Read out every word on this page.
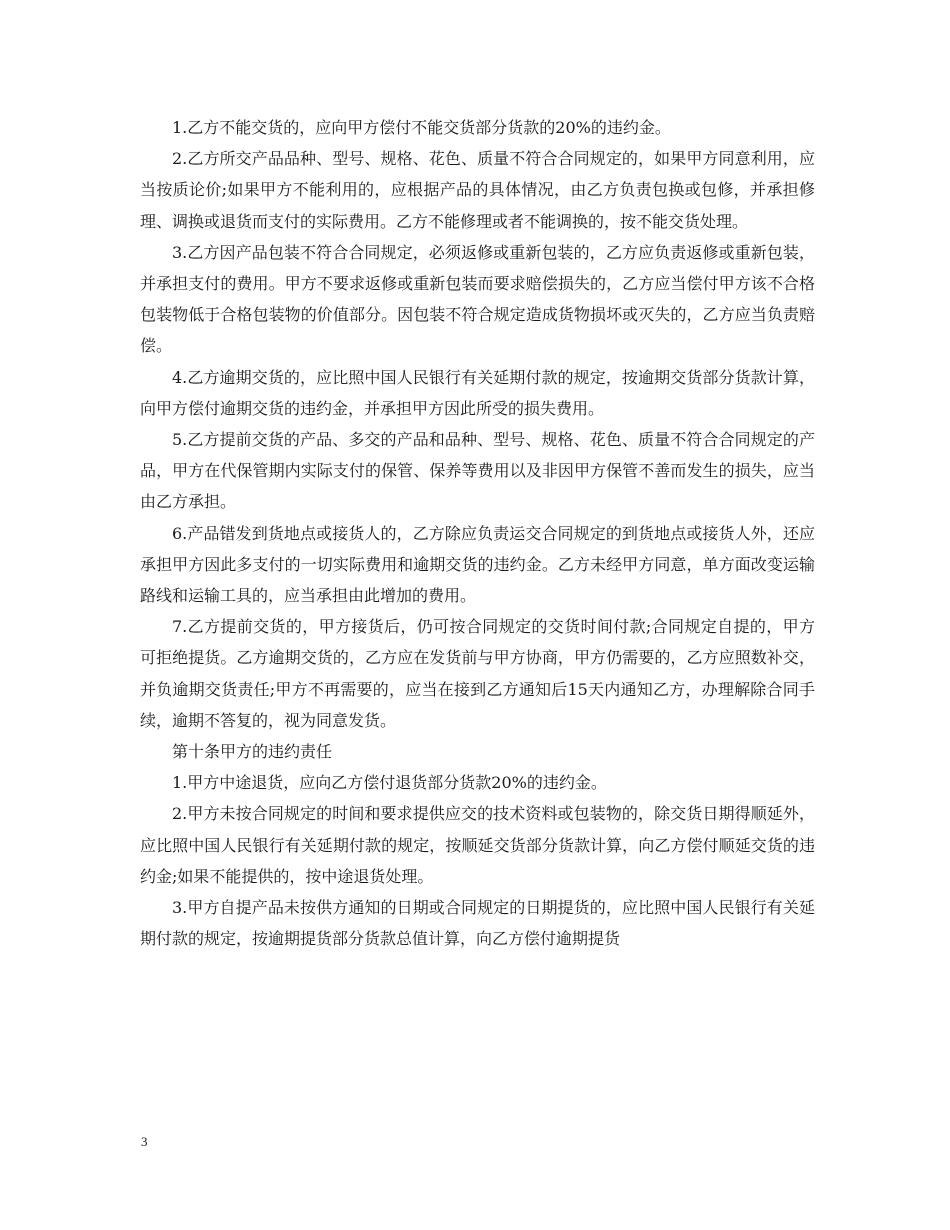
1.乙方不能交货的，应向甲方偿付不能交货部分货款的20%的违约金。

2.乙方所交产品品种、型号、规格、花色、质量不符合合同规定的，如果甲方同意利用，应当按质论价;如果甲方不能利用的，应根据产品的具体情况，由乙方负责包换或包修，并承担修理、调换或退货而支付的实际费用。乙方不能修理或者不能调换的，按不能交货处理。

3.乙方因产品包装不符合合同规定，必须返修或重新包装的，乙方应负责返修或重新包装，并承担支付的费用。甲方不要求返修或重新包装而要求赔偿损失的，乙方应当偿付甲方该不合格包装物低于合格包装物的价值部分。因包装不符合规定造成货物损坏或灭失的，乙方应当负责赔偿。

4.乙方逾期交货的，应比照中国人民银行有关延期付款的规定，按逾期交货部分货款计算，向甲方偿付逾期交货的违约金，并承担甲方因此所受的损失费用。

5.乙方提前交货的产品、多交的产品和品种、型号、规格、花色、质量不符合合同规定的产品，甲方在代保管期内实际支付的保管、保养等费用以及非因甲方保管不善而发生的损失，应当由乙方承担。

6.产品错发到货地点或接货人的，乙方除应负责运交合同规定的到货地点或接货人外，还应承担甲方因此多支付的一切实际费用和逾期交货的违约金。乙方未经甲方同意，单方面改变运输路线和运输工具的，应当承担由此增加的费用。

7.乙方提前交货的，甲方接货后，仍可按合同规定的交货时间付款;合同规定自提的，甲方可拒绝提货。乙方逾期交货的，乙方应在发货前与甲方协商，甲方仍需要的，乙方应照数补交，并负逾期交货责任;甲方不再需要的，应当在接到乙方通知后15天内通知乙方，办理解除合同手续，逾期不答复的，视为同意发货。

第十条甲方的违约责任

1.甲方中途退货，应向乙方偿付退货部分货款20%的违约金。

2.甲方未按合同规定的时间和要求提供应交的技术资料或包装物的，除交货日期得顺延外，应比照中国人民银行有关延期付款的规定，按顺延交货部分货款计算，向乙方偿付顺延交货的违约金;如果不能提供的，按中途退货处理。

3.甲方自提产品未按供方通知的日期或合同规定的日期提货的，应比照中国人民银行有关延期付款的规定，按逾期提货部分货款总值计算，向乙方偿付逾期提货

3
